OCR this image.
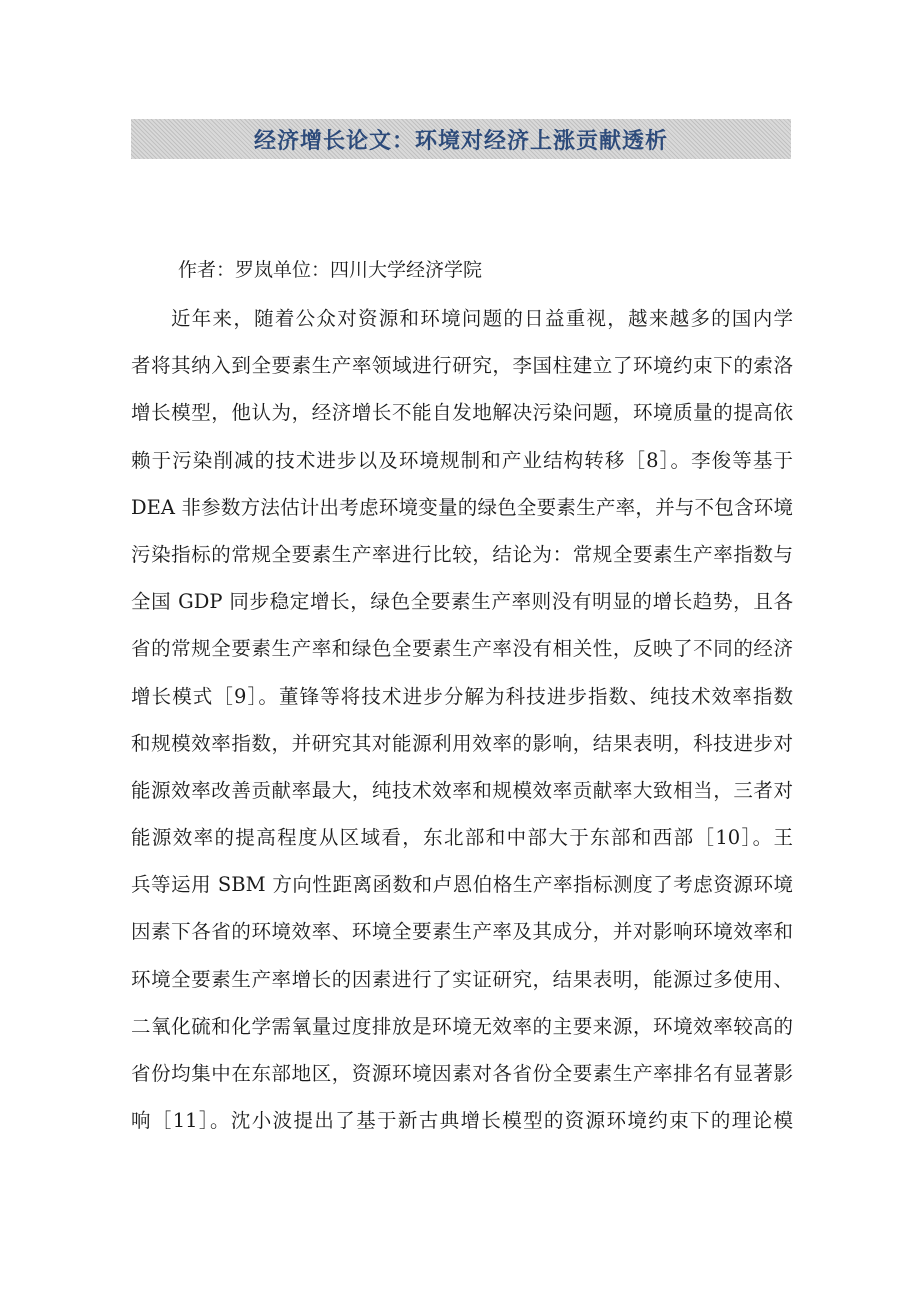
经济增长论文：环境对经济上涨贡献透析
作者：罗岚单位：四川大学经济学院
近年来，随着公众对资源和环境问题的日益重视，越来越多的国内学
者将其纳入到全要素生产率领域进行研究，李国柱建立了环境约束下的索洛
增长模型，他认为，经济增长不能自发地解决污染问题，环境质量的提高依
赖于污染削减的技术进步以及环境规制和产业结构转移［8］。李俊等基于
DEA 非参数方法估计出考虑环境变量的绿色全要素生产率，并与不包含环境
污染指标的常规全要素生产率进行比较，结论为：常规全要素生产率指数与
全国 GDP 同步稳定增长，绿色全要素生产率则没有明显的增长趋势，且各
省的常规全要素生产率和绿色全要素生产率没有相关性，反映了不同的经济
增长模式［9］。董锋等将技术进步分解为科技进步指数、纯技术效率指数
和规模效率指数，并研究其对能源利用效率的影响，结果表明，科技进步对
能源效率改善贡献率最大，纯技术效率和规模效率贡献率大致相当，三者对
能源效率的提高程度从区域看，东北部和中部大于东部和西部［10］。王
兵等运用 SBM 方向性距离函数和卢恩伯格生产率指标测度了考虑资源环境
因素下各省的环境效率、环境全要素生产率及其成分，并对影响环境效率和
环境全要素生产率增长的因素进行了实证研究，结果表明，能源过多使用、
二氧化硫和化学需氧量过度排放是环境无效率的主要来源，环境效率较高的
省份均集中在东部地区，资源环境因素对各省份全要素生产率排名有显著影
响［11］。沈小波提出了基于新古典增长模型的资源环境约束下的理论模
